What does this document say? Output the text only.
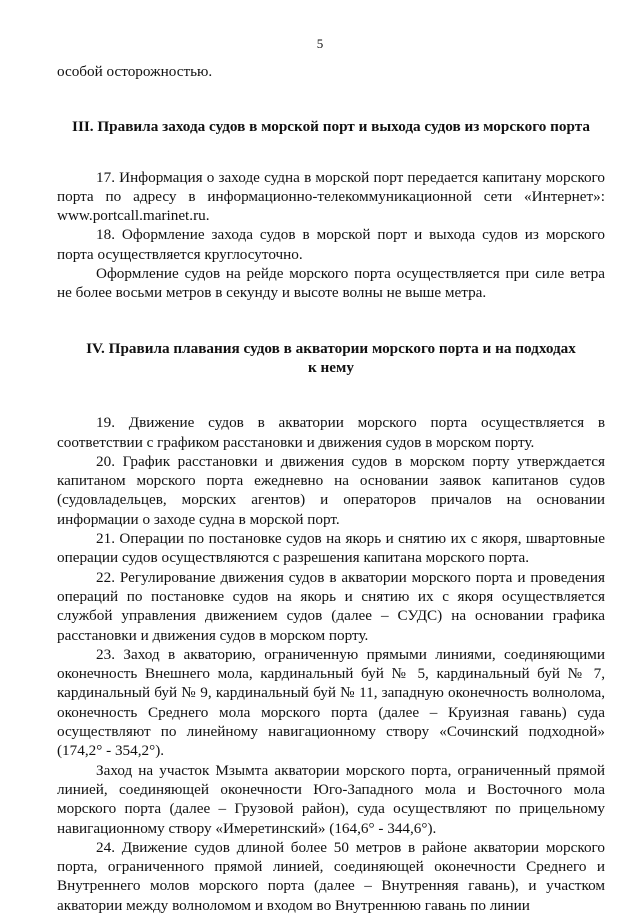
5

особой осторожностью.

III. Правила захода судов в морской порт и выхода судов из морского порта

17. Информация о заходе судна в морской порт передается капитану морского порта по адресу в информационно-телекоммуникационной сети «Интернет»: www.portcall.marinet.ru.

18. Оформление захода судов в морской порт и выхода судов из морского порта осуществляется круглосуточно.

Оформление судов на рейде морского порта осуществляется при силе ветра не более восьми метров в секунду и высоте волны не выше метра.

IV. Правила плавания судов в акватории морского порта и на подходах к нему

19. Движение судов в акватории морского порта осуществляется в соответствии с графиком расстановки и движения судов в морском порту.

20. График расстановки и движения судов в морском порту утверждается капитаном морского порта ежедневно на основании заявок капитанов судов (судовладельцев, морских агентов) и операторов причалов на основании информации о заходе судна в морской порт.

21. Операции по постановке судов на якорь и снятию их с якоря, швартовные операции судов осуществляются с разрешения капитана морского порта.

22. Регулирование движения судов в акватории морского порта и проведения операций по постановке судов на якорь и снятию их с якоря осуществляется службой управления движением судов (далее – СУДС) на основании графика расстановки и движения судов в морском порту.

23. Заход в акваторию, ограниченную прямыми линиями, соединяющими оконечность Внешнего мола, кардинальный буй № 5, кардинальный буй № 7, кардинальный буй № 9, кардинальный буй № 11, западную оконечность волнолома, оконечность Среднего мола морского порта (далее – Круизная гавань) суда осуществляют по линейному навигационному створу «Сочинский подходной» (174,2° - 354,2°).

Заход на участок Мзымта акватории морского порта, ограниченный прямой линией, соединяющей оконечности Юго-Западного мола и Восточного мола морского порта (далее – Грузовой район), суда осуществляют по прицельному навигационному створу «Имеретинский» (164,6° - 344,6°).

24. Движение судов длиной более 50 метров в районе акватории морского порта, ограниченного прямой линией, соединяющей оконечности Среднего и Внутреннего молов морского порта (далее – Внутренняя гавань), и участком акватории между волноломом и входом во Внутреннюю гавань по линии
